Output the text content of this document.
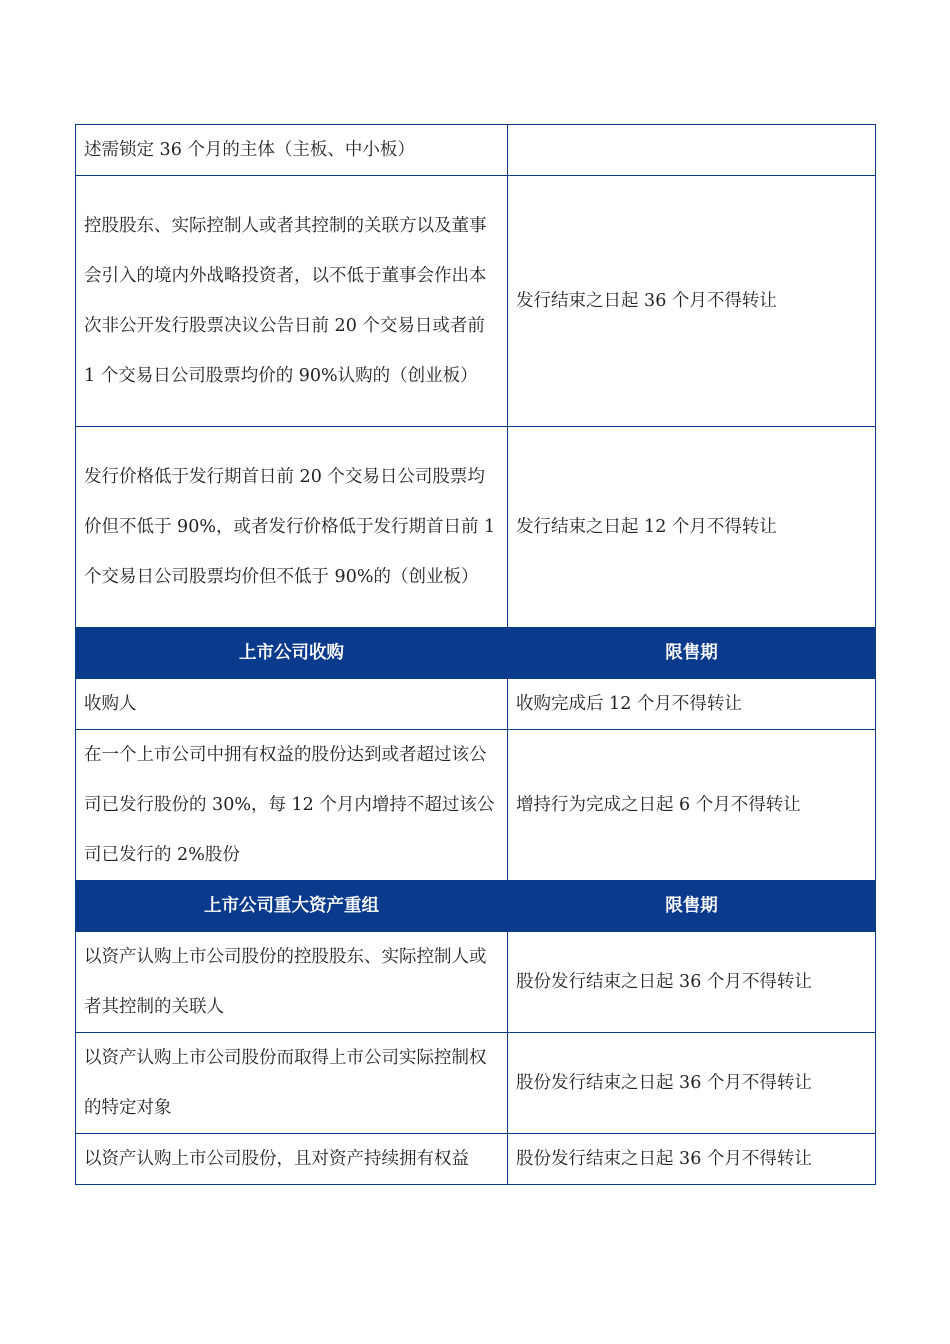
述需锁定 36 个月的主体（主板、中小板）	
控股股东、实际控制人或者其控制的关联方以及董事会引入的境内外战略投资者，以不低于董事会作出本次非公开发行股票决议公告日前 20 个交易日或者前 1 个交易日公司股票均价的 90%认购的（创业板）	发行结束之日起 36 个月不得转让
发行价格低于发行期首日前 20 个交易日公司股票均价但不低于 90%，或者发行价格低于发行期首日前 1 个交易日公司股票均价但不低于 90%的（创业板）	发行结束之日起 12 个月不得转让
上市公司收购	限售期
收购人	收购完成后 12 个月不得转让
在一个上市公司中拥有权益的股份达到或者超过该公司已发行股份的 30%，每 12 个月内增持不超过该公司已发行的 2%股份	增持行为完成之日起 6 个月不得转让
上市公司重大资产重组	限售期
以资产认购上市公司股份的控股股东、实际控制人或者其控制的关联人	股份发行结束之日起 36 个月不得转让
以资产认购上市公司股份而取得上市公司实际控制权的特定对象	股份发行结束之日起 36 个月不得转让
以资产认购上市公司股份，且对资产持续拥有权益	股份发行结束之日起 36 个月不得转让
